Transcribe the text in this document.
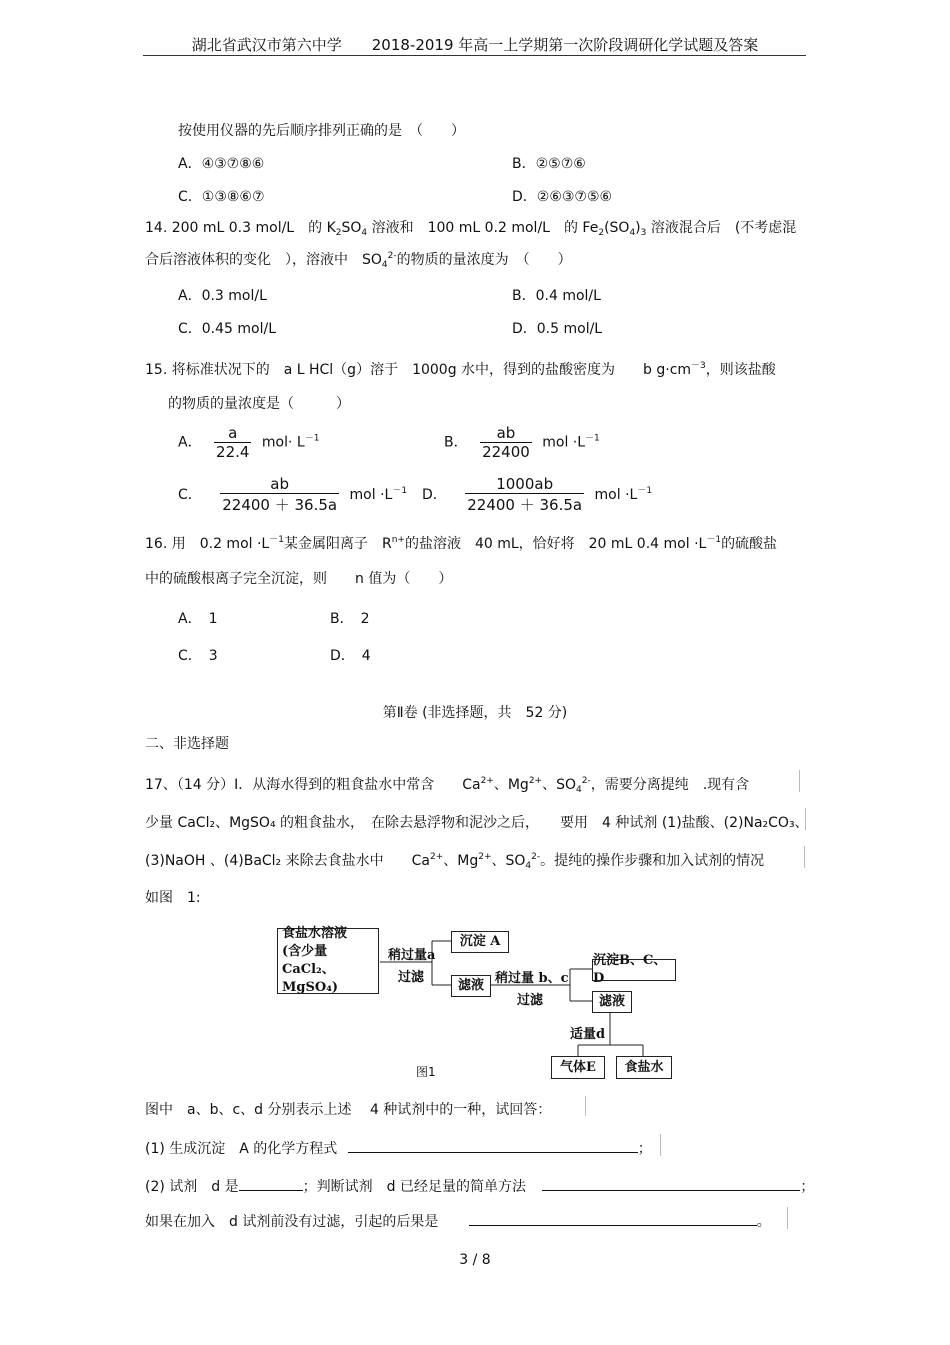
湖北省武汉市第六中学　　 2018-2019 年高一上学期第一次阶段调研化学试题及答案
按使用仪器的先后顺序排列正确的是　（　　）
A．④③⑦⑧⑥	B．②⑤⑦⑥
C．①③⑧⑥⑦	D．②⑥③⑦⑤⑥
14. 200 mL 0.3 mol/L　的 $K_2SO_4$ 溶液和　100 mL 0.2 mol/L　的 $Fe_2(SO_4)_3$ 溶液混合后　(不考虑混
合后溶液体积的变化　），溶液中　$SO_4^{2-}$的物质的量浓度为　（　　）
A．0.3 mol/L	B．0.4 mol/L
C．0.45 mol/L	D．0.5 mol/L
15. 将标准状况下的　a L HCl（g）溶于　1000g 水中，得到的盐酸密度为　　b $g\cdot cm^{-3}$，则该盐酸
的物质的量浓度是（　　　）
A． $\frac{a}{22.4} mol\cdot L^{-1}$	B． $\frac{ab}{22400}$ mol $\cdot L^{-1}$
C． $\frac{ab}{22400 + 36.5a}$ mol $\cdot L^{-1}$ D． $\frac{1000ab}{22400 + 36.5a}$ mol $\cdot L^{-1}$
16. 用　0.2 mol $\cdot L^{-1}$某金属阳离子　$R^{n+}$的盐溶液　40 mL，恰好将　20 mL 0.4 mol $\cdot L^{-1}$的硫酸盐
中的硫酸根离子完全沉淀，则　　n 值为（　　）
A．　1	B．　2
C．　3	D．　4
第Ⅱ卷 (非选择题，共　52 分)
二、非选择题
17、（14 分）Ⅰ．从海水得到的粗食盐水中常含　　$Ca^{2+}$、$Mg^{2+}$、$SO_4^{2-}$，需要分离提纯　.现有含
少量 CaCl₂、MgSO₄ 的粗食盐水，　在除去悬浮物和泥沙之后，　　要用　4 种试剂 (1)盐酸、(2)Na₂CO₃、
(3)NaOH 、(4)BaCl₂ 来除去食盐水中　　$Ca^{2+}$、$Mg^{2+}$、$SO_4^{2-}$。提纯的操作步骤和加入试剂的情况
如图　1:
食盐水溶液
(含少量CaCl₂、
MgSO₄)
稍过量a
过滤
沉淀 A
滤液 稍过量 b、c
过滤
沉淀B、C、D
滤液
适量d
气体E	食盐水
图1
图中　a、b、c、d 分别表示上述　 4 种试剂中的一种，试回答：
(1) 生成沉淀　A 的化学方程式	；
(2) 试剂　d 是	；判断试剂　d 已经足量的简单方法	；
如果在加入　d 试剂前没有过滤，引起的后果是	。
3 / 8
